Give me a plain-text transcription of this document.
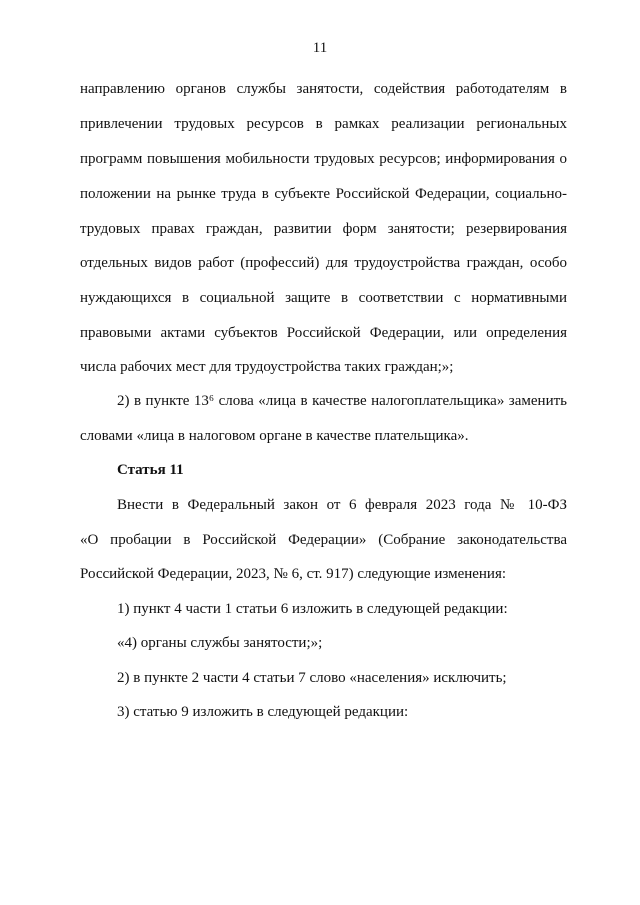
11
направлению органов службы занятости, содействия работодателям в
привлечении трудовых ресурсов в рамках реализации региональных
программ повышения мобильности трудовых ресурсов; информирования о
положении на рынке труда в субъекте Российской Федерации, социально-
трудовых правах граждан, развитии форм занятости; резервирования
отдельных видов работ (профессий) для трудоустройства граждан, особо
нуждающихся в социальной защите в соответствии с нормативными
правовыми актами субъектов Российской Федерации, или определения
числа рабочих мест для трудоустройства таких граждан;»;
2) в пункте 13⁶ слова «лица в качестве налогоплательщика» заменить
словами «лица в налоговом органе в качестве плательщика».
Статья 11
Внести в Федеральный закон от 6 февраля 2023 года № 10-ФЗ
«О пробации в Российской Федерации» (Собрание законодательства
Российской Федерации, 2023, № 6, ст. 917) следующие изменения:
1) пункт 4 части 1 статьи 6 изложить в следующей редакции:
«4) органы службы занятости;»;
2) в пункте 2 части 4 статьи 7 слово «населения» исключить;
3) статью 9 изложить в следующей редакции:
